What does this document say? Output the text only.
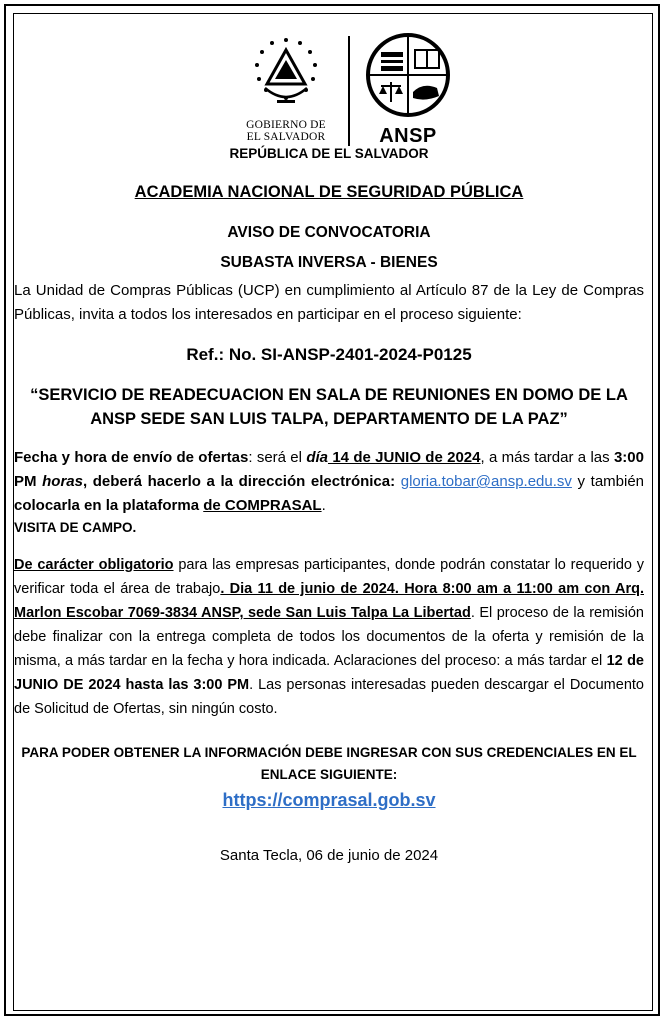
GOBIERNO DE
EL SALVADOR	ANSP

REPÚBLICA DE EL SALVADOR

ACADEMIA NACIONAL DE SEGURIDAD PÚBLICA

AVISO DE CONVOCATORIA

SUBASTA INVERSA - BIENES

La Unidad de Compras Públicas (UCP) en cumplimiento al Artículo 87 de la Ley de Compras Públicas, invita a todos los interesados en participar en el proceso siguiente:

Ref.: No. SI-ANSP-2401-2024-P0125

“SERVICIO DE READECUACION EN SALA DE REUNIONES EN DOMO DE LA ANSP SEDE SAN LUIS TALPA, DEPARTAMENTO DE LA PAZ”

Fecha y hora de envío de ofertas: será el día 14 de JUNIO de 2024, a más tardar a las 3:00 PM horas, deberá hacerlo a la dirección electrónica: gloria.tobar@ansp.edu.sv y también colocarla en la plataforma de COMPRASAL.

VISITA DE CAMPO.

De carácter obligatorio para las empresas participantes, donde podrán constatar lo requerido y verificar toda el área de trabajo. Dia 11 de junio de 2024. Hora 8:00 am a 11:00 am con Arq. Marlon Escobar 7069-3834 ANSP, sede San Luis Talpa La Libertad. El proceso de la remisión debe finalizar con la entrega completa de todos los documentos de la oferta y remisión de la misma, a más tardar en la fecha y hora indicada. Aclaraciones del proceso: a más tardar el 12 de JUNIO DE 2024 hasta las 3:00 PM. Las personas interesadas pueden descargar el Documento de Solicitud de Ofertas, sin ningún costo.

PARA PODER OBTENER LA INFORMACIÓN DEBE INGRESAR CON SUS CREDENCIALES EN EL ENLACE SIGUIENTE:

https://comprasal.gob.sv

Santa Tecla, 06 de junio de 2024
